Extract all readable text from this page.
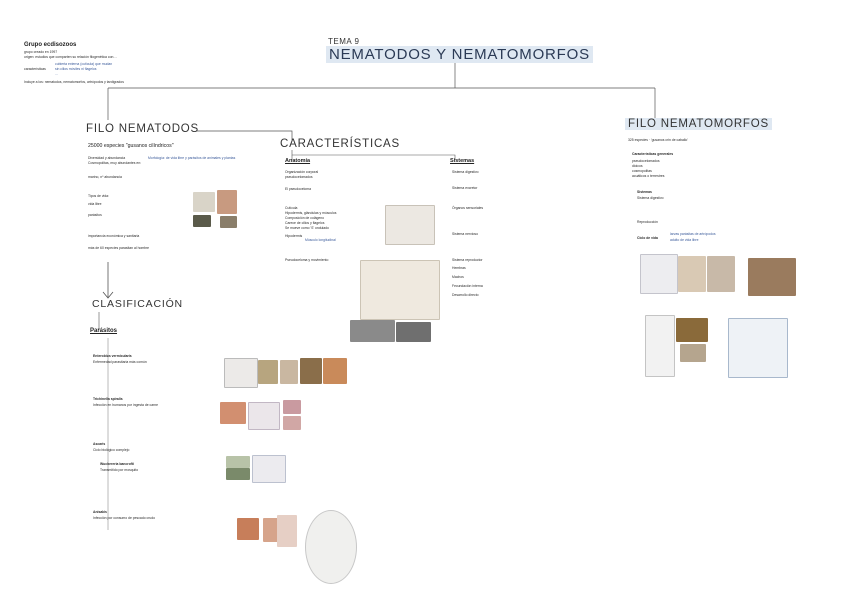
TEMA 9
NEMATODOS Y NEMATOMORFOS
Grupo ecdisozoos
grupo creado en 1997
origen: estudios que comparten su relación filogenética con…
características
cubierta externa (cutícula) que mudan
sin cilios móviles ni flagelos
…
Incluye a los: nematodos, nematomorfos, artrópodos y tardígrados
FILO NEMATODOS
25000 especies "gusanos cilíndricos"
Diversidad y abundancia
Cosmopolitas, muy abundantes en:
Morfología: de vida libre y parásitos de animales y plantas
marino, nº abundancia
Tipos de vida:
vida libre
parásitos
importancia económica y sanitaria
más de 60 especies parasitan al hombre
CARACTERÍSTICAS
Anatomía	Sistemas
Organización corporal
pseudocelomados
El pseudoceloma
Cutícula
Hipodermis, glándulas y músculos
Composición de colágeno
Carece de cilios y flagelos
Se mueve como 'S' ondulado
Hipodermis
Músculo longitudinal
Pseudoceloma y movimiento
Sistema digestivo
Sistema excretor
Órganos sensoriales
Sistema nervioso
Sistema reproductor
Hembras
Machos
Fecundación interna
Desarrollo directo
CLASIFICACIÓN
Parásitos
Enterobius vermicularis
Enfermedad parasitaria más común
Trichinella spiralis
Infección en humanos por ingesta de carne
Ascaris
Ciclo biológico complejo
Wuchereria bancrofti
Transmitido por mosquito
Anisakis
Infección por consumo de pescado crudo
FILO NEMATOMORFOS
325 especies · 'gusanos crin de caballo'
Características generales
pseudocelomados
dioicos
cosmopolitas
acuáticos o terrestres
Sistemas
Sistema digestivo
Reproducción
Ciclo de vida
larvas parásitas de artrópodos
adulto de vida libre
